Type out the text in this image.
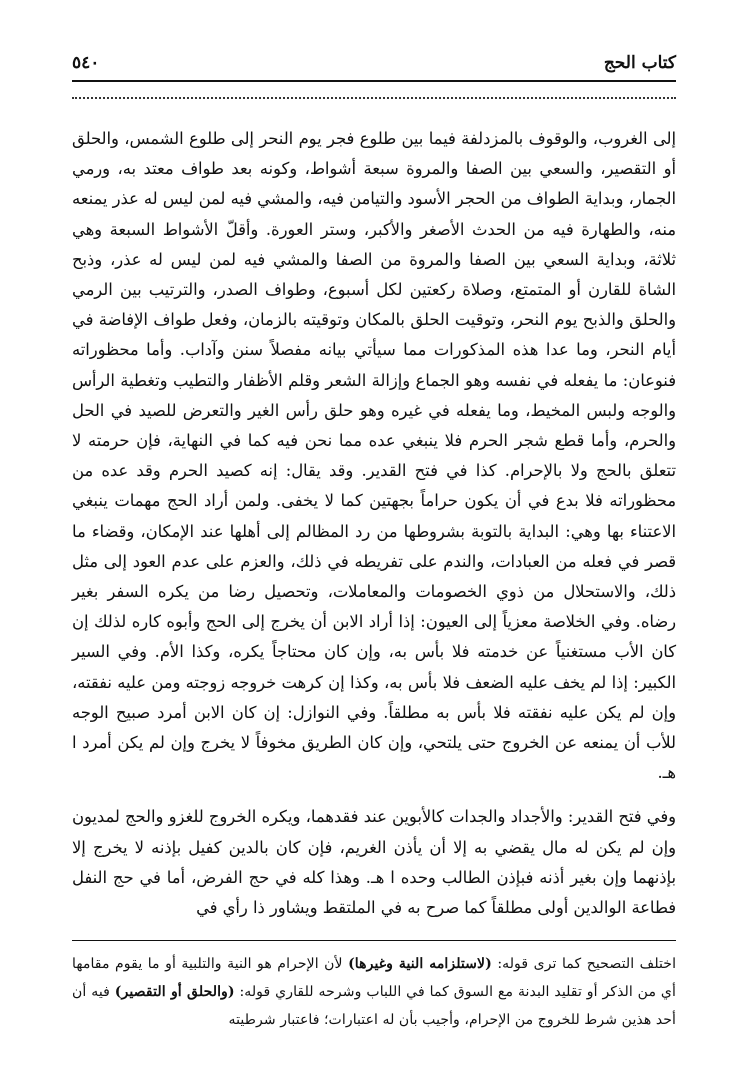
كتاب الحج
٥٤٠

إلى الغروب، والوقوف بالمزدلفة فيما بين طلوع فجر يوم النحر إلى طلوع الشمس، والحلق أو التقصير، والسعي بين الصفا والمروة سبعة أشواط، وكونه بعد طواف معتد به، ورمي الجمار، وبداية الطواف من الحجر الأسود والتيامن فيه، والمشي فيه لمن ليس له عذر يمنعه منه، والطهارة فيه من الحدث الأصغر والأكبر، وستر العورة. وأقلّ الأشواط السبعة وهي ثلاثة، وبداية السعي بين الصفا والمروة من الصفا والمشي فيه لمن ليس له عذر، وذبح الشاة للقارن أو المتمتع، وصلاة ركعتين لكل أسبوع، وطواف الصدر، والترتيب بين الرمي والحلق والذبح يوم النحر، وتوقيت الحلق بالمكان وتوقيته بالزمان، وفعل طواف الإفاضة في أيام النحر، وما عدا هذه المذكورات مما سيأتي بيانه مفصلاً سنن وآداب. وأما محظوراته فنوعان: ما يفعله في نفسه وهو الجماع وإزالة الشعر وقلم الأظفار والتطيب وتغطية الرأس والوجه ولبس المخيط، وما يفعله في غيره وهو حلق رأس الغير والتعرض للصيد في الحل والحرم، وأما قطع شجر الحرم فلا ينبغي عده مما نحن فيه كما في النهاية، فإن حرمته لا تتعلق بالحج ولا بالإحرام. كذا في فتح القدير. وقد يقال: إنه كصيد الحرم وقد عده من محظوراته فلا بدع في أن يكون حراماً بجهتين كما لا يخفى. ولمن أراد الحج مهمات ينبغي الاعتناء بها وهي: البداية بالتوبة بشروطها من رد المظالم إلى أهلها عند الإمكان، وقضاء ما قصر في فعله من العبادات، والندم على تفريطه في ذلك، والعزم على عدم العود إلى مثل ذلك، والاستحلال من ذوي الخصومات والمعاملات، وتحصيل رضا من يكره السفر بغير رضاه. وفي الخلاصة معزياً إلى العيون: إذا أراد الابن أن يخرج إلى الحج وأبوه كاره لذلك إن كان الأب مستغنياً عن خدمته فلا بأس به، وإن كان محتاجاً يكره، وكذا الأم. وفي السير الكبير: إذا لم يخف عليه الضعف فلا بأس به، وكذا إن كرهت خروجه زوجته ومن عليه نفقته، وإن لم يكن عليه نفقته فلا بأس به مطلقاً. وفي النوازل: إن كان الابن أمرد صبيح الوجه للأب أن يمنعه عن الخروج حتى يلتحي، وإن كان الطريق مخوفاً لا يخرج وإن لم يكن أمرد ا هـ.

وفي فتح القدير: والأجداد والجدات كالأبوين عند فقدهما، ويكره الخروج للغزو والحج لمديون وإن لم يكن له مال يقضي به إلا أن يأذن الغريم، فإن كان بالدين كفيل بإذنه لا يخرج إلا بإذنهما وإن بغير أذنه فبإذن الطالب وحده ا هـ. وهذا كله في حج الفرض، أما في حج النفل فطاعة الوالدين أولى مطلقاً كما صرح به في الملتقط ويشاور ذا رأي في

اختلف التصحيح كما ترى قوله: (لاستلزامه النية وغيرها) لأن الإحرام هو النية والتلبية أو ما يقوم مقامها أي من الذكر أو تقليد البدنة مع السوق كما في اللباب وشرحه للقاري قوله: (والحلق أو التقصير) فيه أن أحد هذين شرط للخروج من الإحرام، وأجيب بأن له اعتبارات؛ فاعتبار شرطيته
